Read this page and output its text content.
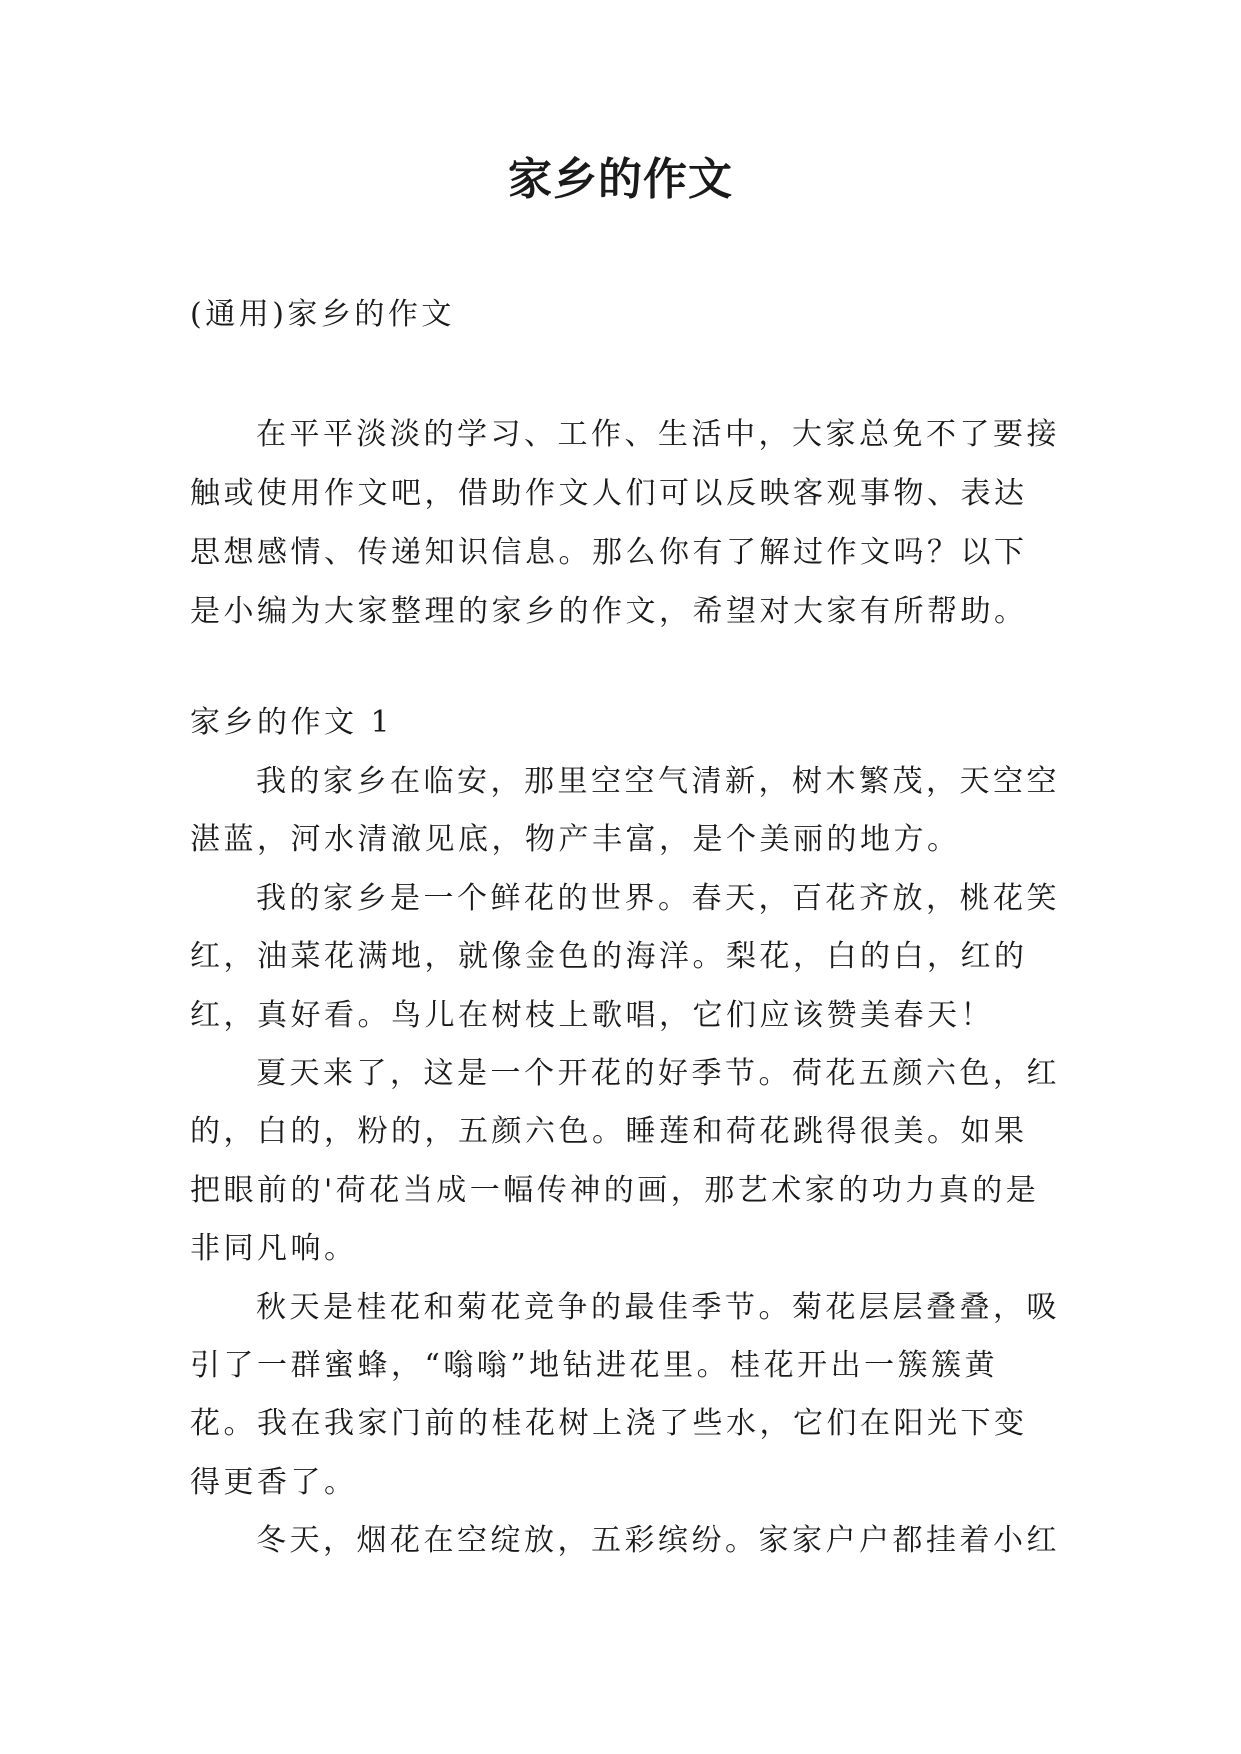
家乡的作文

(通用)家乡的作文

在平平淡淡的学习、工作、生活中，大家总免不了要接触或使用作文吧，借助作文人们可以反映客观事物、表达思想感情、传递知识信息。那么你有了解过作文吗？以下是小编为大家整理的家乡的作文，希望对大家有所帮助。

家乡的作文 1

我的家乡在临安，那里空空气清新，树木繁茂，天空空湛蓝，河水清澈见底，物产丰富，是个美丽的地方。

我的家乡是一个鲜花的世界。春天，百花齐放，桃花笑红，油菜花满地，就像金色的海洋。梨花，白的白，红的红，真好看。鸟儿在树枝上歌唱，它们应该赞美春天！

夏天来了，这是一个开花的好季节。荷花五颜六色，红的，白的，粉的，五颜六色。睡莲和荷花跳得很美。如果把眼前的'荷花当成一幅传神的画，那艺术家的功力真的是非同凡响。

秋天是桂花和菊花竞争的最佳季节。菊花层层叠叠，吸引了一群蜜蜂，“嗡嗡”地钻进花里。桂花开出一簇簇黄花。我在我家门前的桂花树上浇了些水，它们在阳光下变得更香了。

冬天，烟花在空绽放，五彩缤纷。家家户户都挂着小红
